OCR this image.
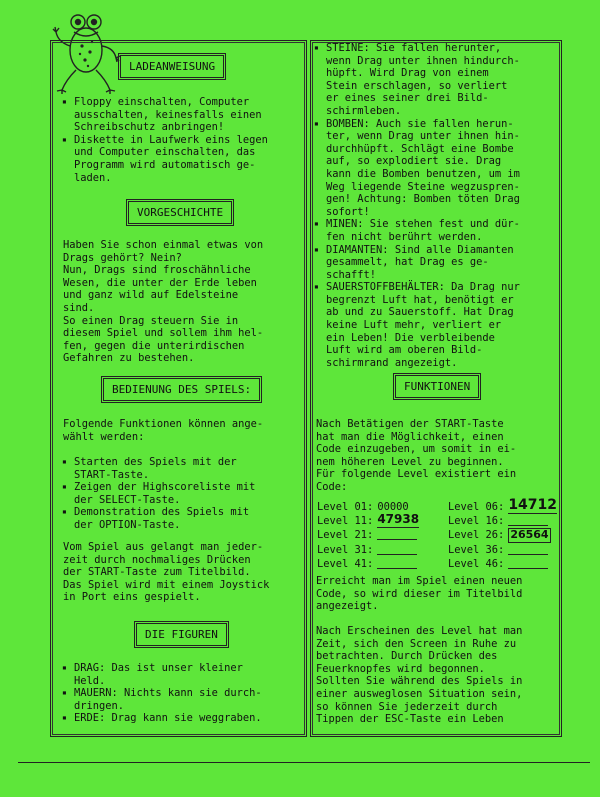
LADEANWEISUNG
▪ Floppy einschalten, Computer
ausschalten, keinesfalls einen
Schreibschutz anbringen!
▪ Diskette in Laufwerk eins legen
und Computer einschalten, das
Programm wird automatisch ge-
laden.
VORGESCHICHTE
Haben Sie schon einmal etwas von
Drags gehört? Nein?
Nun, Drags sind froschähnliche
Wesen, die unter der Erde leben
und ganz wild auf Edelsteine
sind.
So einen Drag steuern Sie in
diesem Spiel und sollem ihm hel-
fen, gegen die unterirdischen
Gefahren zu bestehen.
BEDIENUNG DES SPIELS:
Folgende Funktionen können ange-
wählt werden:
▪ Starten des Spiels mit der
START-Taste.
▪ Zeigen der Highscoreliste mit
der SELECT-Taste.
▪ Demonstration des Spiels mit
der OPTION-Taste.
Vom Spiel aus gelangt man jeder-
zeit durch nochmaliges Drücken
der START-Taste zum Titelbild.
Das Spiel wird mit einem Joystick
in Port eins gespielt.
DIE FIGUREN
▪ DRAG: Das ist unser kleiner
Held.
▪ MAUERN: Nichts kann sie durch-
dringen.
▪ ERDE: Drag kann sie weggraben.
▪ STEINE: Sie fallen herunter,
wenn Drag unter ihnen hindurch-
hüpft. Wird Drag von einem
Stein erschlagen, so verliert
er eines seiner drei Bild-
schirmleben.
▪ BOMBEN: Auch sie fallen herun-
ter, wenn Drag unter ihnen hin-
durchhüpft. Schlägt eine Bombe
auf, so explodiert sie. Drag
kann die Bomben benutzen, um im
Weg liegende Steine wegzuspren-
gen! Achtung: Bomben töten Drag
sofort!
▪ MINEN: Sie stehen fest und dür-
fen nicht berührt werden.
▪ DIAMANTEN: Sind alle Diamanten
gesammelt, hat Drag es ge-
schafft!
▪ SAUERSTOFFBEHÄLTER: Da Drag nur
begrenzt Luft hat, benötigt er
ab und zu Sauerstoff. Hat Drag
keine Luft mehr, verliert er
ein Leben! Die verbleibende
Luft wird am oberen Bild-
schirmrand angezeigt.
FUNKTIONEN
Nach Betätigen der START-Taste
hat man die Möglichkeit, einen
Code einzugeben, um somit in ei-
nem höheren Level zu beginnen.
Für folgende Level existiert ein
Code:
Level 01: 00000	Level 06: 14712
Level 11: 47938	Level 16:
Level 21:	Level 26: 26564
Level 31:	Level 36:
Level 41:	Level 46:
Erreicht man im Spiel einen neuen
Code, so wird dieser im Titelbild
angezeigt.
Nach Erscheinen des Level hat man
Zeit, sich den Screen in Ruhe zu
betrachten. Durch Drücken des
Feuerknopfes wird begonnen.
Sollten Sie während des Spiels in
einer ausweglosen Situation sein,
so können Sie jederzeit durch
Tippen der ESC-Taste ein Leben
